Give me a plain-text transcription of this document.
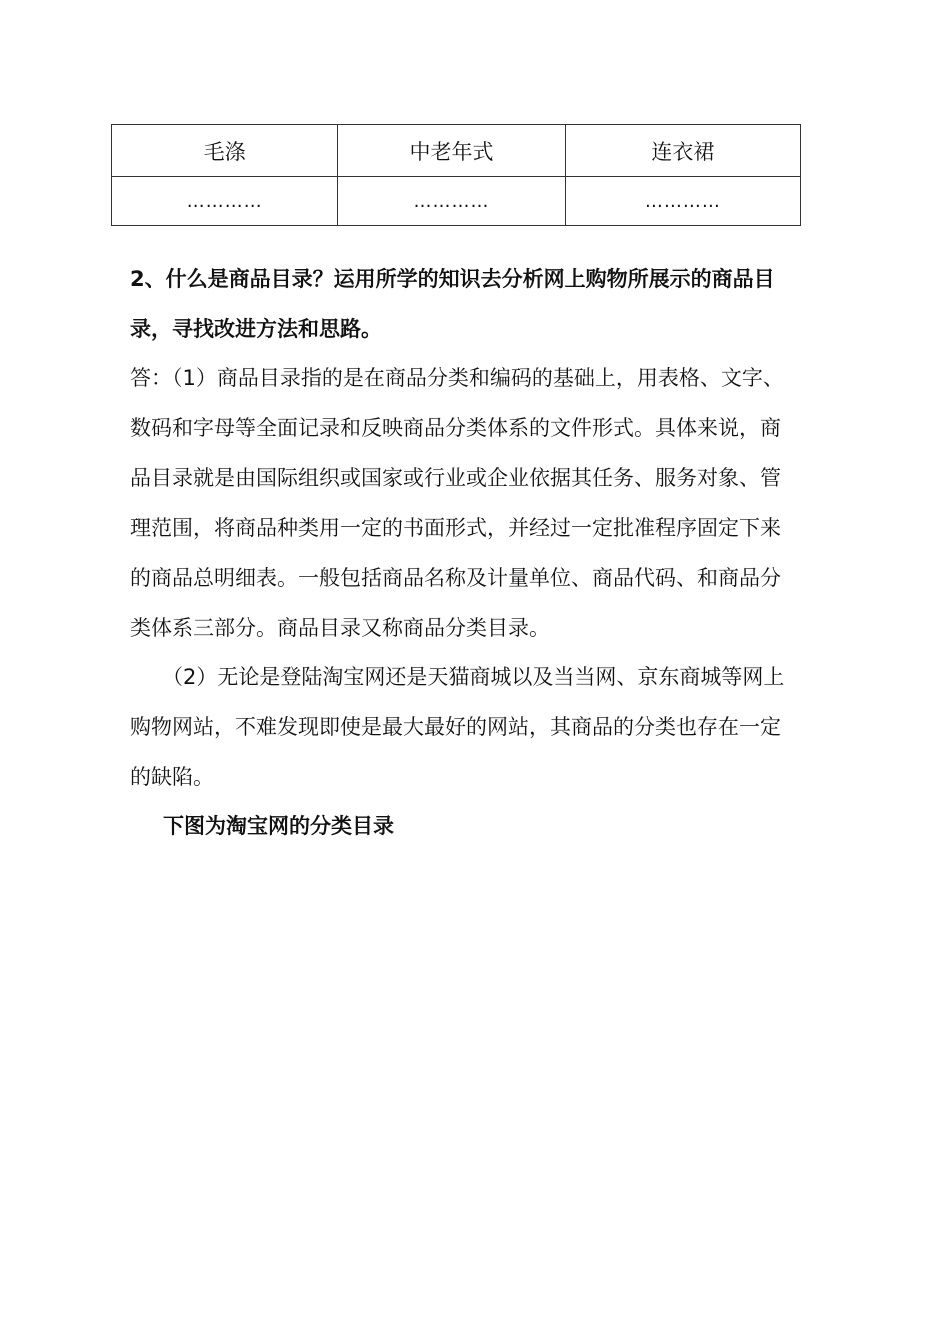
毛涤	中老年式	连衣裙
…………	…………	…………
2、什么是商品目录？运用所学的知识去分析网上购物所展示的商品目
录，寻找改进方法和思路。
答：（1）商品目录指的是在商品分类和编码的基础上，用表格、文字、
数码和字母等全面记录和反映商品分类体系的文件形式。具体来说，商
品目录就是由国际组织或国家或行业或企业依据其任务、服务对象、管
理范围，将商品种类用一定的书面形式，并经过一定批准程序固定下来
的商品总明细表。一般包括商品名称及计量单位、商品代码、和商品分
类体系三部分。商品目录又称商品分类目录。
（2）无论是登陆淘宝网还是天猫商城以及当当网、京东商城等网上
购物网站，不难发现即使是最大最好的网站，其商品的分类也存在一定
的缺陷。
下图为淘宝网的分类目录
